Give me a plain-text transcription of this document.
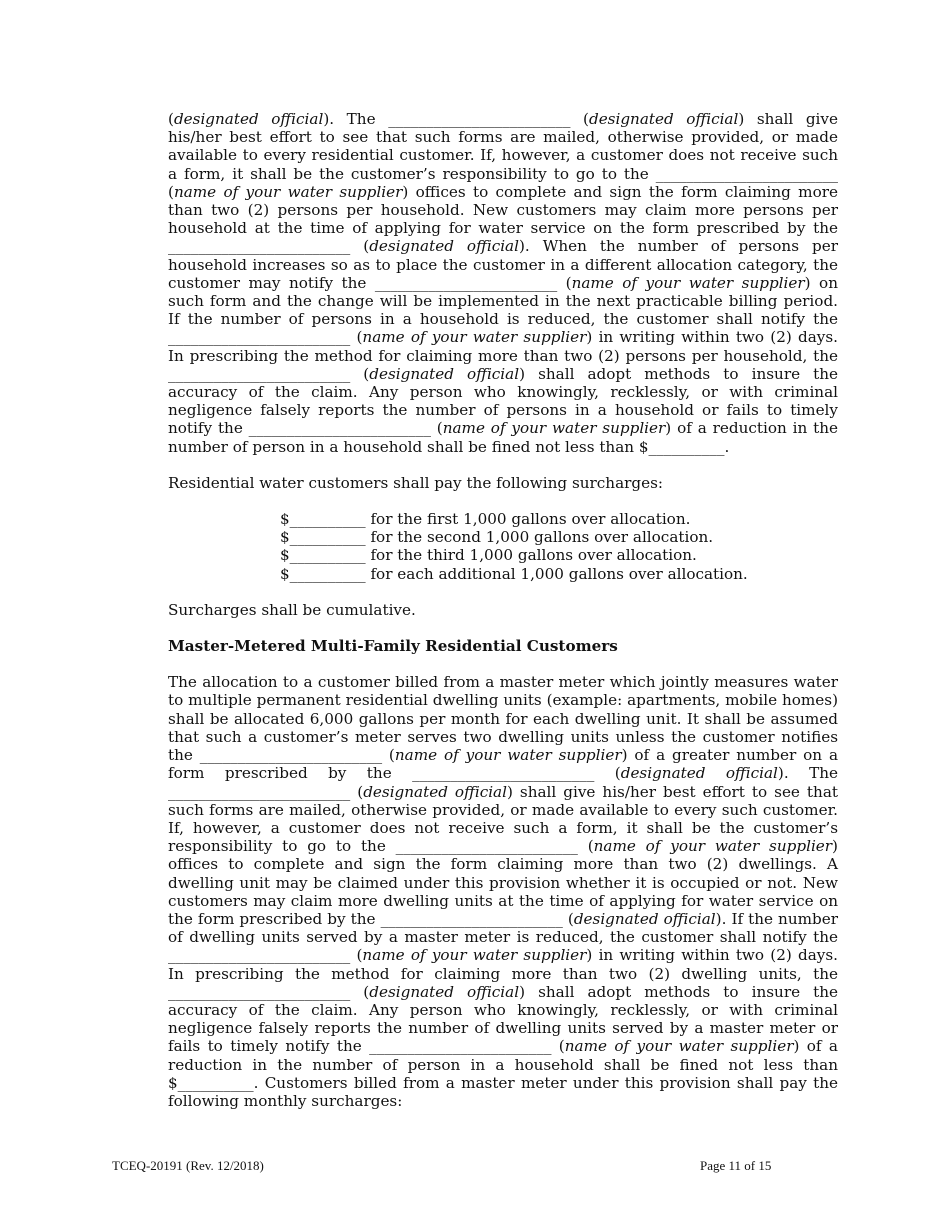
(designated official). The ________________________ (designated official) shall give his/her best effort to see that such forms are mailed, otherwise provided, or made available to every residential customer. If, however, a customer does not receive such a form, it shall be the customer’s responsibility to go to the ________________________ (name of your water supplier) offices to complete and sign the form claiming more than two (2) persons per household. New customers may claim more persons per household at the time of applying for water service on the form prescribed by the ________________________ (designated official). When the number of persons per household increases so as to place the customer in a different allocation category, the customer may notify the ________________________ (name of your water supplier) on such form and the change will be implemented in the next practicable billing period. If the number of persons in a household is reduced, the customer shall notify the ________________________ (name of your water supplier) in writing within two (2) days. In prescribing the method for claiming more than two (2) persons per household, the ________________________ (designated official) shall adopt methods to insure the accuracy of the claim. Any person who knowingly, recklessly, or with criminal negligence falsely reports the number of persons in a household or fails to timely notify the ________________________ (name of your water supplier) of a reduction in the number of person in a household shall be fined not less than $__________.

Residential water customers shall pay the following surcharges:

$__________ for the first 1,000 gallons over allocation.
$__________ for the second 1,000 gallons over allocation.
$__________ for the third 1,000 gallons over allocation.
$__________ for each additional 1,000 gallons over allocation.

Surcharges shall be cumulative.

Master-Metered Multi-Family Residential Customers

The allocation to a customer billed from a master meter which jointly measures water to multiple permanent residential dwelling units (example: apartments, mobile homes) shall be allocated 6,000 gallons per month for each dwelling unit. It shall be assumed that such a customer’s meter serves two dwelling units unless the customer notifies the ________________________ (name of your water supplier) of a greater number on a form prescribed by the ________________________ (designated official). The ________________________ (designated official) shall give his/her best effort to see that such forms are mailed, otherwise provided, or made available to every such customer. If, however, a customer does not receive such a form, it shall be the customer’s responsibility to go to the ________________________ (name of your water supplier) offices to complete and sign the form claiming more than two (2) dwellings. A dwelling unit may be claimed under this provision whether it is occupied or not. New customers may claim more dwelling units at the time of applying for water service on the form prescribed by the ________________________ (designated official). If the number of dwelling units served by a master meter is reduced, the customer shall notify the ________________________ (name of your water supplier) in writing within two (2) days. In prescribing the method for claiming more than two (2) dwelling units, the ________________________ (designated official) shall adopt methods to insure the accuracy of the claim. Any person who knowingly, recklessly, or with criminal negligence falsely reports the number of dwelling units served by a master meter or fails to timely notify the ________________________ (name of your water supplier) of a reduction in the number of person in a household shall be fined not less than $__________. Customers billed from a master meter under this provision shall pay the following monthly surcharges:

TCEQ-20191 (Rev. 12/2018)	Page 11 of 15
